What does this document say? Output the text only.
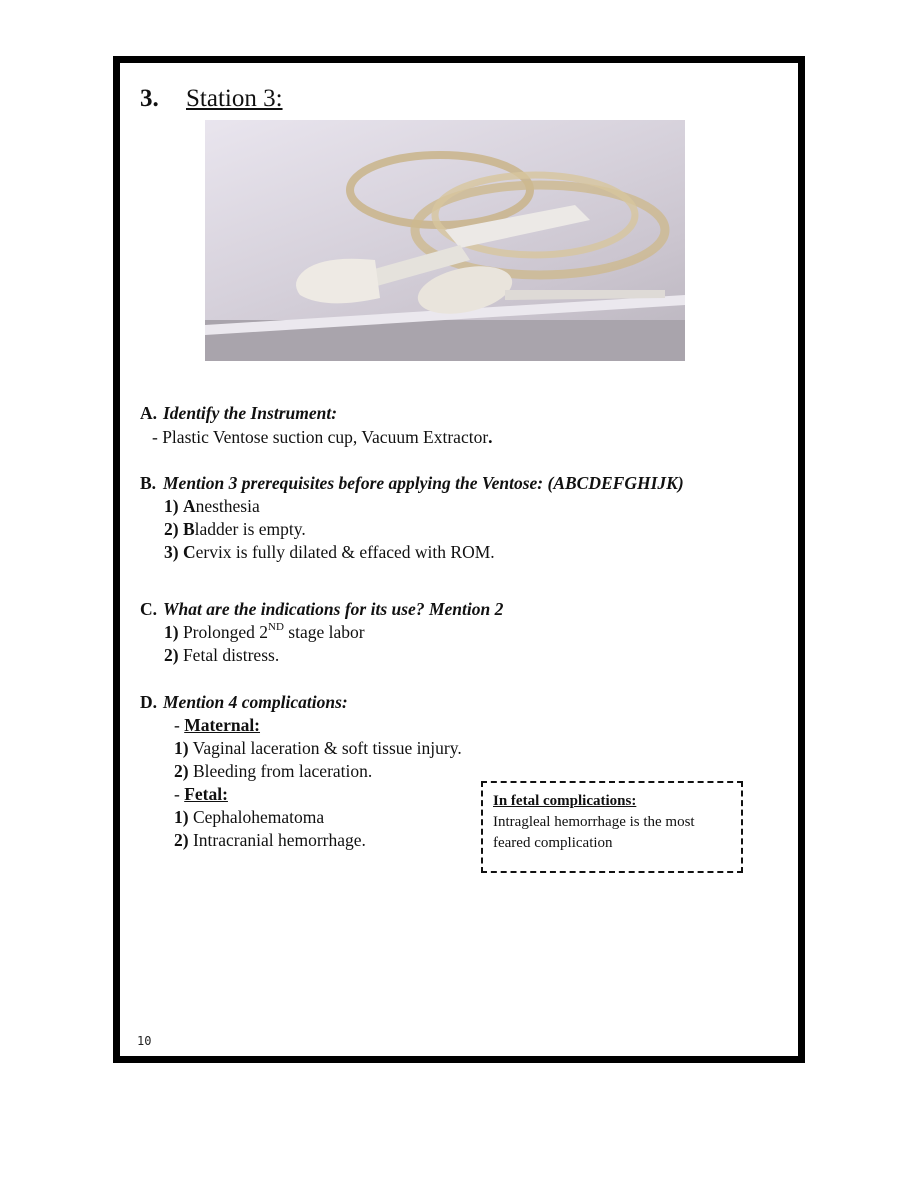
3. Station 3:
A. Identify the Instrument:
- Plastic Ventose suction cup, Vacuum Extractor.
B. Mention 3 prerequisites before applying the Ventose: (ABCDEFGHIJK)
1) Anesthesia
2) Bladder is empty.
3) Cervix is fully dilated & effaced with ROM.
C. What are the indications for its use? Mention 2
1) Prolonged 2ND stage labor
2) Fetal distress.
D. Mention 4 complications:
- Maternal:
1) Vaginal laceration & soft tissue injury.
2) Bleeding from laceration.
- Fetal:
1) Cephalohematoma
2) Intracranial hemorrhage.
In fetal complications:
Intragleal hemorrhage is the most
feared complication
10
